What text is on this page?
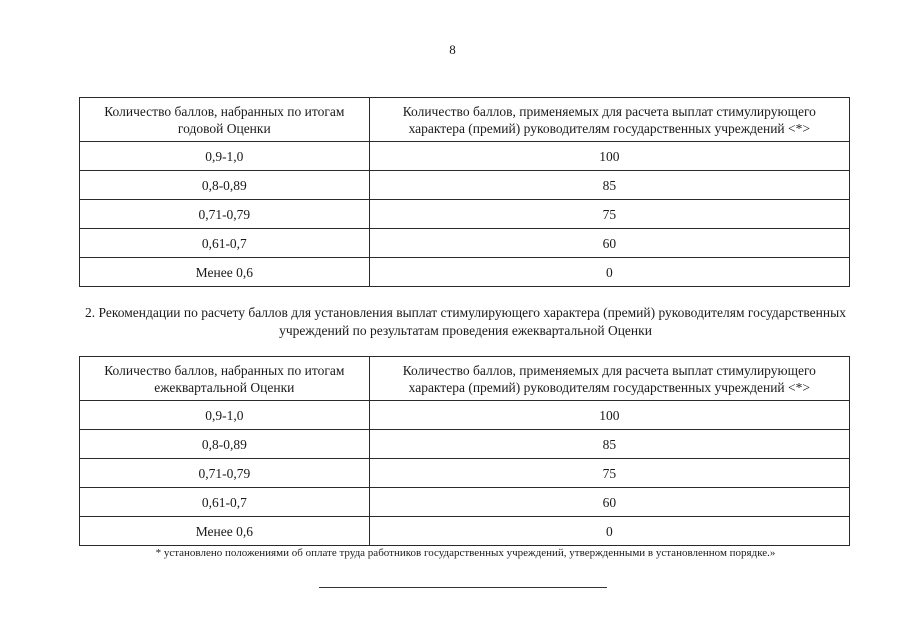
8
Количество баллов, набранных по итогам годовой Оценки	Количество баллов, применяемых для расчета выплат стимулирующего характера (премий) руководителям государственных учреждений <*>
0,9-1,0	100
0,8-0,89	85
0,71-0,79	75
0,61-0,7	60
Менее 0,6	0
2. Рекомендации по расчету баллов для установления выплат стимулирующего характера (премий) руководителям государственных учреждений по результатам проведения ежеквартальной Оценки
Количество баллов, набранных по итогам ежеквартальной Оценки	Количество баллов, применяемых для расчета выплат стимулирующего характера (премий) руководителям государственных учреждений <*>
0,9-1,0	100
0,8-0,89	85
0,71-0,79	75
0,61-0,7	60
Менее 0,6	0
* установлено положениями об оплате труда работников государственных учреждений, утвержденными в установленном порядке.»
